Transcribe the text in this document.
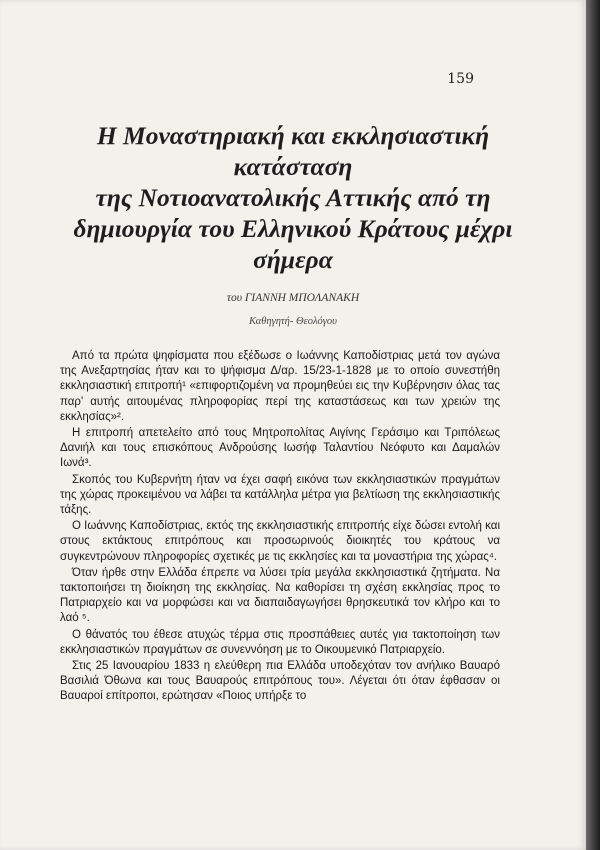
159
Η Μοναστηριακή και εκκλησιαστική κατάσταση
της Νοτιοανατολικής Αττικής από τη
δημιουργία του Ελληνικού Κράτους μέχρι
σήμερα
του ΓΙΑΝΝΗ ΜΠΟΛΑΝΑΚΗ
Καθηγητή- Θεολόγου

Από τα πρώτα ψηφίσματα που εξέδωσε ο Ιωάννης Καποδίστριας μετά τον αγώνα της Ανεξαρτησίας ήταν και το ψήφισμα Δ/αρ. 15/23-1-1828 με το οποίο συνεστήθη εκκλησιαστική επιτροπή¹ «επιφορτιζομένη να προμηθεύει εις την Κυβέρνησιν όλας τας παρ' αυτής αιτουμένας πληροφορίας περί της καταστάσεως και των χρειών της εκκλησίας»².

Η επιτροπή απετελείτο από τους Μητροπολίτας Αιγίνης Γεράσιμο και Τριπόλεως Δανιήλ και τους επισκόπους Ανδρούσης Ιωσήφ Ταλαντίου Νεόφυτο και Δαμαλών Ιωνά³.

Σκοπός του Κυβερνήτη ήταν να έχει σαφή εικόνα των εκκλησιαστικών πραγμάτων της χώρας προκειμένου να λάβει τα κατάλληλα μέτρα για βελτίωση της εκκλησιαστικής τάξης.

Ο Ιωάννης Καποδίστριας, εκτός της εκκλησιαστικής επιτροπής είχε δώσει εντολή και στους εκτάκτους επιτρόπους και προσωρινούς διοικητές του κράτους να συγκεντρώνουν πληροφορίες σχετικές με τις εκκλησίες και τα μοναστήρια της χώρας⁴.

Όταν ήρθε στην Ελλάδα έπρεπε να λύσει τρία μεγάλα εκκλησιαστικά ζητήματα. Να τακτοποιήσει τη διοίκηση της εκκλησίας. Να καθορίσει τη σχέση εκκλησίας προς το Πατριαρχείο και να μορφώσει και να διαπαιδαγωγήσει θρησκευτικά τον κλήρο και το λαό ⁵.

Ο θάνατός του έθεσε ατυχώς τέρμα στις προσπάθειες αυτές για τακτοποίηση των εκκλησιαστικών πραγμάτων σε συνεννόηση με το Οικουμενικό Πατριαρχείο.

Στις 25 Ιανουαρίου 1833 η ελεύθερη πια Ελλάδα υποδεχόταν τον ανήλικο Βαυαρό Βασιλιά Όθωνα και τους Βαυαρούς επιτρόπους του». Λέγεται ότι όταν έφθασαν οι Βαυαροί επίτροποι, ερώτησαν «Ποιος υπήρξε το
